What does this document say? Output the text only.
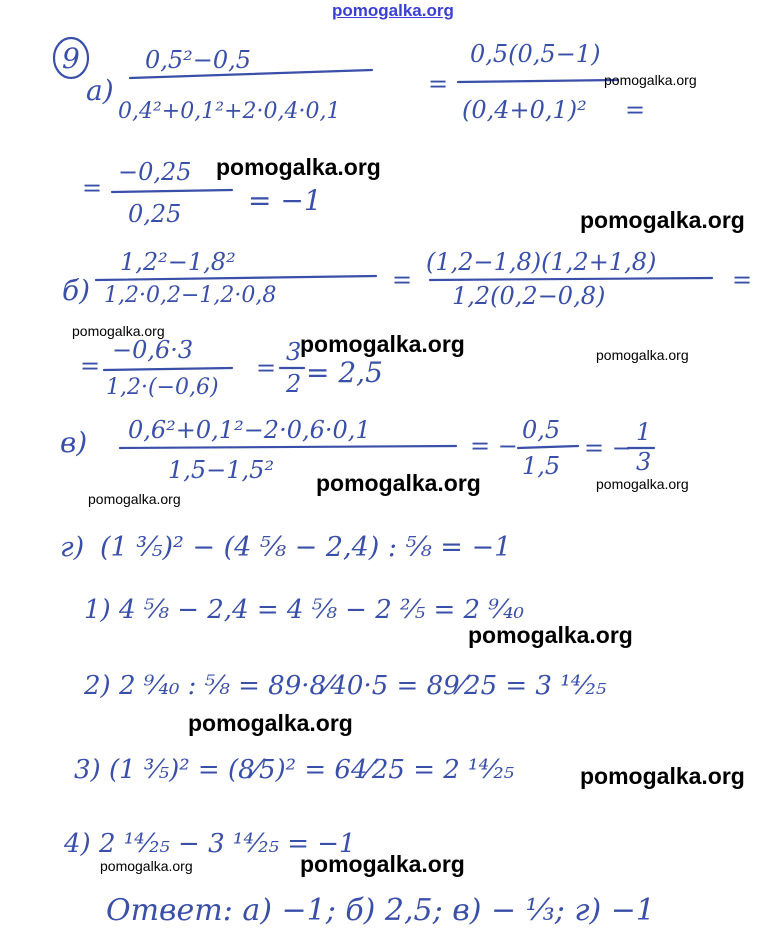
9
а)
0,5²−0,5
0,4²+0,1²+2·0,4·0,1
=
0,5(0,5−1)
(0,4+0,1)² =
=
−0,25
0,25 = −1
б)
1,2²−1,8²
1,2·0,2−1,2·0,8
=
(1,2−1,8)(1,2+1,8)
1,2(0,2−0,8)
=
=
−0,6·3
1,2·(−0,6)
=
3
2 = 2,5
в) 0,6²+0,1²−2·0,6·0,1
1,5−1,5²
= −
0,5
1,5
= −
1
3
г) (1 ³⁄₅)² − (4 ⁵⁄₈ − 2,4) : ⁵⁄₈ = −1
1) 4 ⁵⁄₈ − 2,4 = 4 ⁵⁄₈ − 2 ²⁄₅ = 2 ⁹⁄₄₀
2) 2 ⁹⁄₄₀ : ⁵⁄₈ = 89·8⁄40·5 = 89⁄25 = 3 ¹⁴⁄₂₅
3) (1 ³⁄₅)² = (8⁄5)² = 64⁄25 = 2 ¹⁴⁄₂₅
4) 2 ¹⁴⁄₂₅ − 3 ¹⁴⁄₂₅ = −1
Ответ: а) −1; б) 2,5; в) − ⅓; г) −1
pomogalka.org
pomogalka.org
pomogalka.org
pomogalka.org
pomogalka.org	pomogalka.org	pomogalka.org
pomogalka.org	pomogalka.org
pomogalka.org
pomogalka.org
pomogalka.org
pomogalka.org
pomogalka.org
pomogalka.org
